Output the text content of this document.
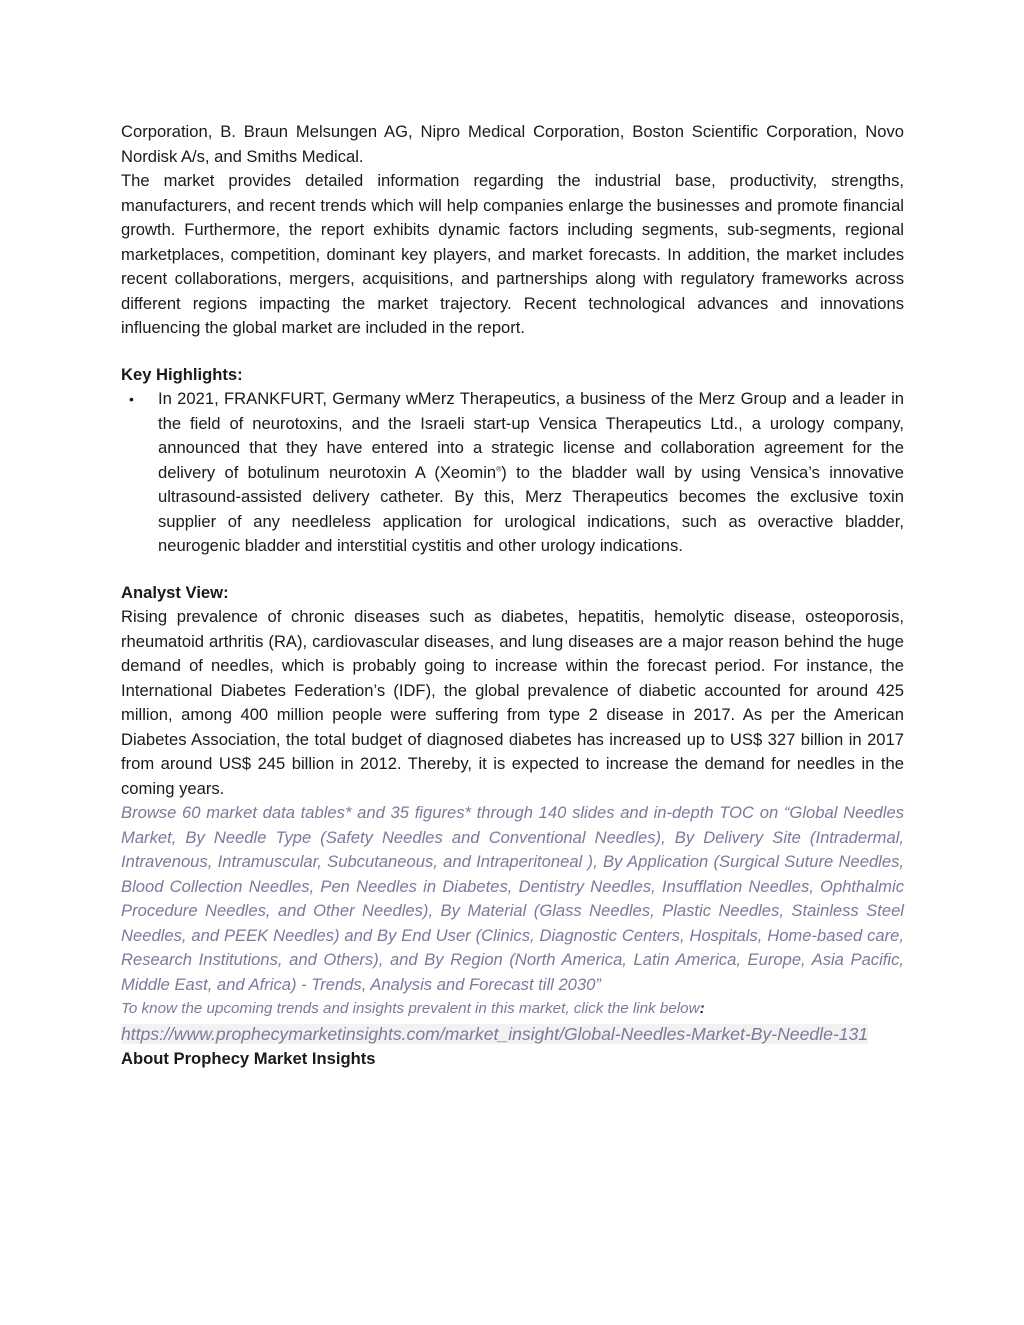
Corporation, B. Braun Melsungen AG, Nipro Medical Corporation, Boston Scientific Corporation, Novo Nordisk A/s, and Smiths Medical.

The market provides detailed information regarding the industrial base, productivity, strengths, manufacturers, and recent trends which will help companies enlarge the businesses and promote financial growth. Furthermore, the report exhibits dynamic factors including segments, sub-segments, regional marketplaces, competition, dominant key players, and market forecasts. In addition, the market includes recent collaborations, mergers, acquisitions, and partnerships along with regulatory frameworks across different regions impacting the market trajectory. Recent technological advances and innovations influencing the global market are included in the report.

Key Highlights:

• In 2021, FRANKFURT, Germany wMerz Therapeutics, a business of the Merz Group and a leader in the field of neurotoxins, and the Israeli start-up Vensica Therapeutics Ltd., a urology company, announced that they have entered into a strategic license and collaboration agreement for the delivery of botulinum neurotoxin A (Xeomin®) to the bladder wall by using Vensica’s innovative ultrasound-assisted delivery catheter. By this, Merz Therapeutics becomes the exclusive toxin supplier of any needleless application for urological indications, such as overactive bladder, neurogenic bladder and interstitial cystitis and other urology indications.

Analyst View:

Rising prevalence of chronic diseases such as diabetes, hepatitis, hemolytic disease, osteoporosis, rheumatoid arthritis (RA), cardiovascular diseases, and lung diseases are a major reason behind the huge demand of needles, which is probably going to increase within the forecast period. For instance, the International Diabetes Federation’s (IDF), the global prevalence of diabetic accounted for around 425 million, among 400 million people were suffering from type 2 disease in 2017. As per the American Diabetes Association, the total budget of diagnosed diabetes has increased up to US$ 327 billion in 2017 from around US$ 245 billion in 2012. Thereby, it is expected to increase the demand for needles in the coming years.

Browse 60 market data tables* and 35 figures* through 140 slides and in-depth TOC on “Global Needles Market, By Needle Type (Safety Needles and Conventional Needles), By Delivery Site (Intradermal, Intravenous, Intramuscular, Subcutaneous, and Intraperitoneal ), By Application (Surgical Suture Needles, Blood Collection Needles, Pen Needles in Diabetes, Dentistry Needles, Insufflation Needles, Ophthalmic Procedure Needles, and Other Needles), By Material (Glass Needles, Plastic Needles, Stainless Steel Needles, and PEEK Needles) and By End User (Clinics, Diagnostic Centers, Hospitals, Home-based care, Research Institutions, and Others), and By Region (North America, Latin America, Europe, Asia Pacific, Middle East, and Africa) - Trends, Analysis and Forecast till 2030”

To know the upcoming trends and insights prevalent in this market, click the link below:

https://www.prophecymarketinsights.com/market_insight/Global-Needles-Market-By-Needle-131

About Prophecy Market Insights
